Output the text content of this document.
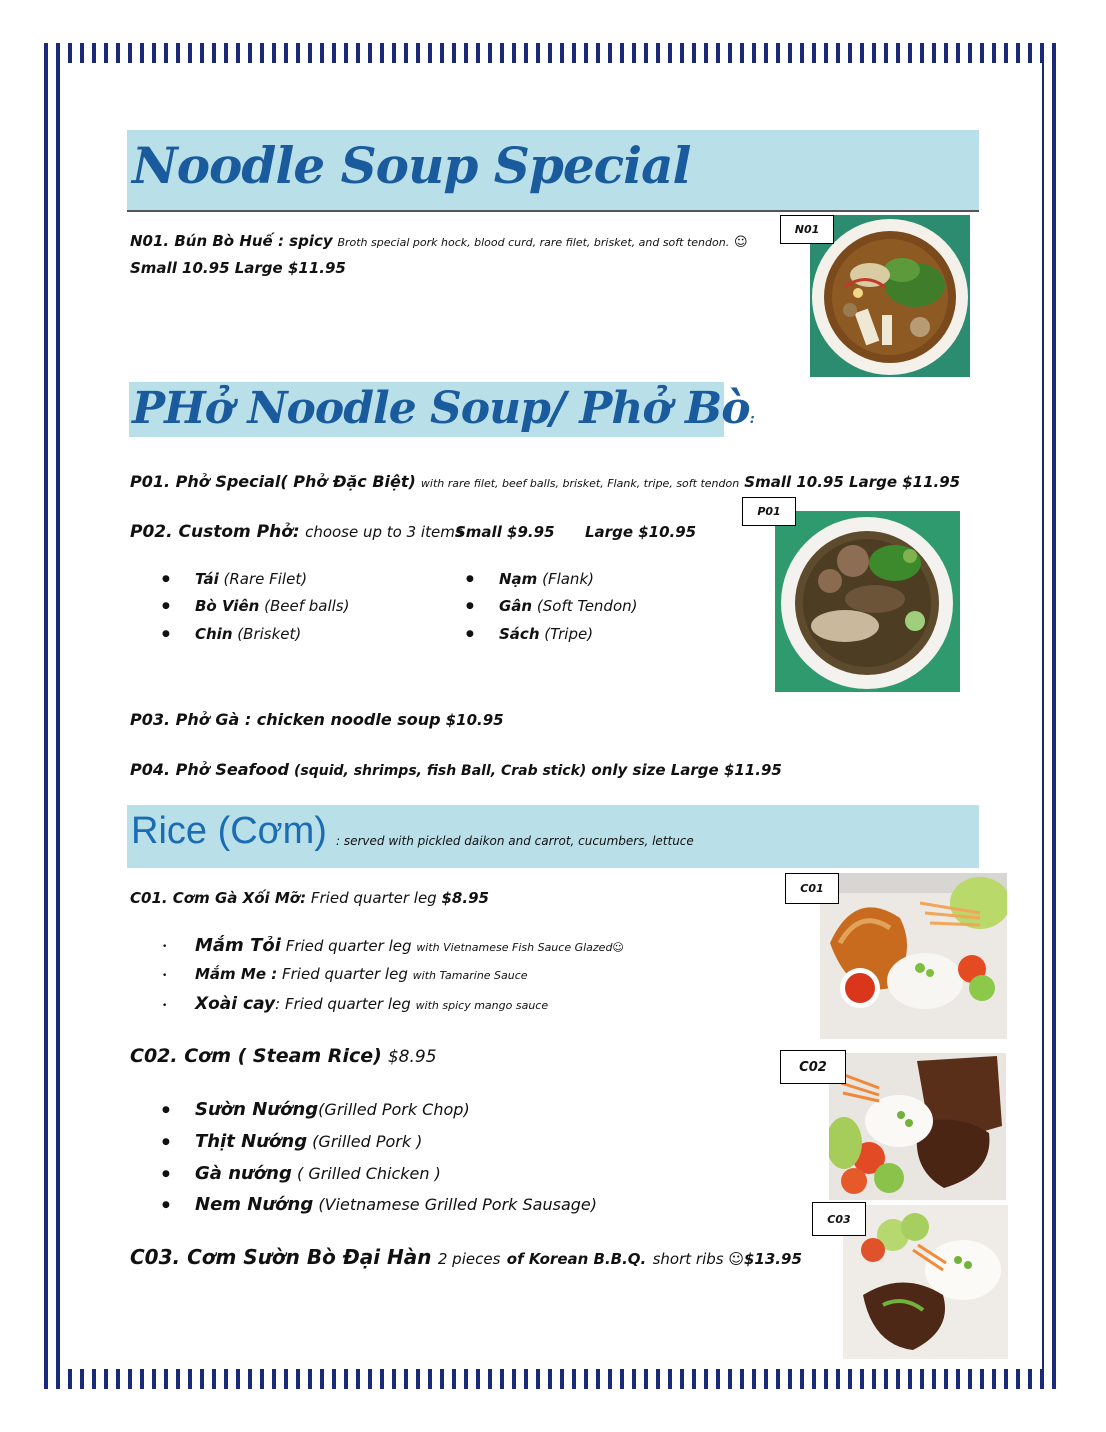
Noodle Soup Special
N01. Bún Bò Huế : spicy Broth special pork hock, blood curd, rare filet, brisket, and soft tendon. ☺
Small 10.95 Large $11.95
N01
PHở Noodle Soup/ Phở Bò:
P01. Phở Special( Phở Đặc Biệt) with rare filet, beef balls, brisket, Flank, tripe, soft tendon Small 10.95 Large $11.95
P02. Custom Phở: choose up to 3 items
Small $9.95 Large $10.95
● Tái (Rare Filet)
● Bò Viên (Beef balls)
● Chin (Brisket)
● Nạm (Flank)
● Gân (Soft Tendon)
● Sách (Tripe)
P01
P03. Phở Gà : chicken noodle soup $10.95
P04. Phở Seafood (squid, shrimps, fish Ball, Crab stick) only size Large $11.95
Rice (Cơm) : served with pickled daikon and carrot, cucumbers, lettuce
C01. Cơm Gà Xối Mỡ: Fried quarter leg $8.95
• Mắm Tỏi Fried quarter leg with Vietnamese Fish Sauce Glazed☺
• Mắm Me : Fried quarter leg with Tamarine Sauce
• Xoài cay: Fried quarter leg with spicy mango sauce
C01
C02. Cơm ( Steam Rice) $8.95
● Sườn Nướng(Grilled Pork Chop)
● Thịt Nướng (Grilled Pork )
● Gà nướng ( Grilled Chicken )
● Nem Nướng (Vietnamese Grilled Pork Sausage)
C02
C03. Cơm Sườn Bò Đại Hàn 2 pieces of Korean B.B.Q. short ribs ☺$13.95
C03
